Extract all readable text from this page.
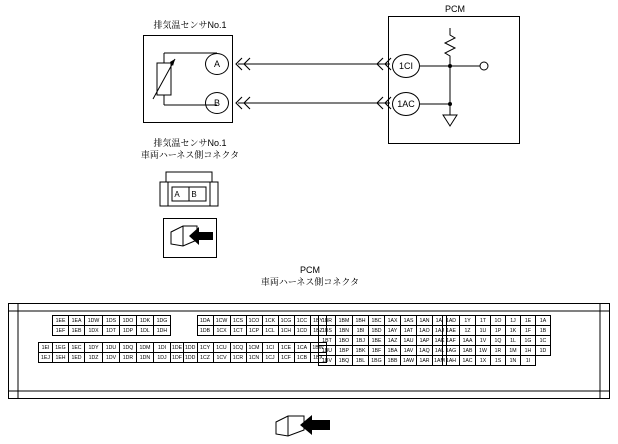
PCM
1CI
1AC
排気温センサNo.1
A
B
排気温センサNo.1
車両ハーネス側コネクタ
A	B
PCM
車両ハーネス側コネクタ
	1EE	1EA	1DW	1DS	1DO	1DK	1DG
	1EF	1EB	1DX	1DT	1DP	1DL	1DH

1EI	1EG	1EC	1DY	1DU	1DQ	1DM	1DI
1EJ	1EH	1ED	1DZ	1DV	1DR	1DN	1DJ
		1DA	1CW	1CS	1CO	1CK	1CG	1CC	1BY
		1DB	1CX	1CT	1CP	1CL	1CH	1CD	1BZ

1DE	1DD	1CY	1CU	1CQ	1CM	1CI	1CE	1CA	1BW
1DF	1DD	1CZ	1CV	1CR	1CN	1CJ	1CF	1CB	1BX
1BR	1BM	1BH	1BC	1AX	1AS	1AN	1AI
1BS	1BN	1BI	1BD	1AY	1AT	1AO	1AJ
1BT	1BO	1BJ	1BE	1AZ	1AU	1AP	1AK
1BU	1BP	1BK	1BF	1BA	1AV	1AQ	1AL
1BV	1BQ	1BL	1BG	1BB	1AW	1AR	1AM
1AD	1Y	1T	1O	1J	1E	1A
1AE	1Z	1U	1P	1K	1F	1B
1AF	1AA	1V	1Q	1L	1G	1C
1AG	1AB	1W	1R	1M	1H	1D
1AH	1AC	1X	1S	1N	1I	
